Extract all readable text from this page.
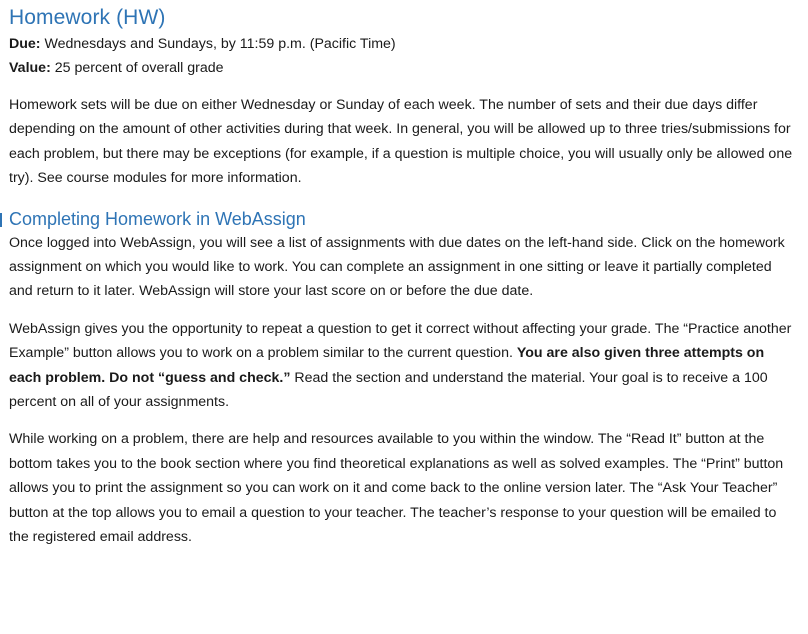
Homework (HW)
Due: Wednesdays and Sundays, by 11:59 p.m. (Pacific Time)
Value: 25 percent of overall grade

Homework sets will be due on either Wednesday or Sunday of each week. The number of sets and their due days differ depending on the amount of other activities during that week. In general, you will be allowed up to three tries/submissions for each problem, but there may be exceptions (for example, if a question is multiple choice, you will usually only be allowed one try). See course modules for more information.

Completing Homework in WebAssign

Once logged into WebAssign, you will see a list of assignments with due dates on the left-hand side. Click on the homework assignment on which you would like to work. You can complete an assignment in one sitting or leave it partially completed and return to it later. WebAssign will store your last score on or before the due date.

WebAssign gives you the opportunity to repeat a question to get it correct without affecting your grade. The “Practice another Example” button allows you to work on a problem similar to the current question. You are also given three attempts on each problem. Do not “guess and check.” Read the section and understand the material. Your goal is to receive a 100 percent on all of your assignments.

While working on a problem, there are help and resources available to you within the window. The “Read It” button at the bottom takes you to the book section where you find theoretical explanations as well as solved examples. The “Print” button allows you to print the assignment so you can work on it and come back to the online version later. The “Ask Your Teacher” button at the top allows you to email a question to your teacher. The teacher’s response to your question will be emailed to the registered email address.
